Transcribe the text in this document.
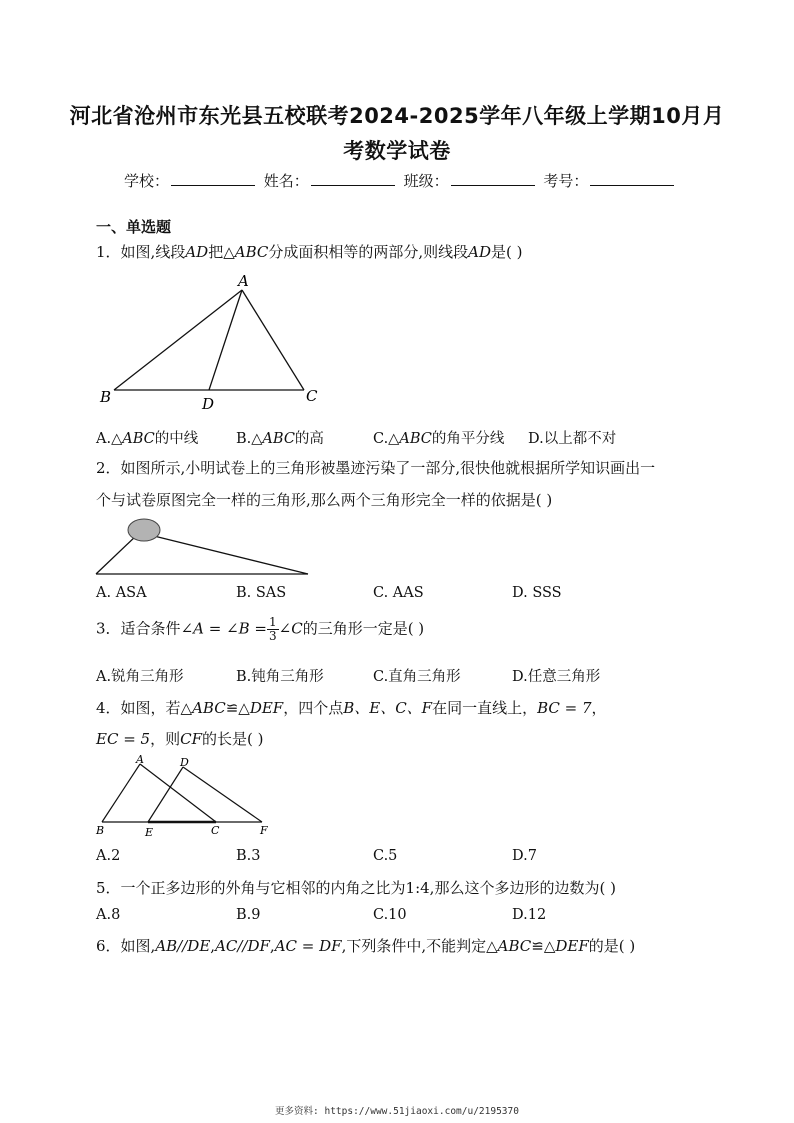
河北省沧州市东光县五校联考2024-2025学年八年级上学期10月月
考数学试卷
学校：	姓名：	班级：	考号：
一、单选题
1．如图,线段AD把△ABC分成面积相等的两部分,则线段AD是( )
A
B	C
D
A.△ABC的中线	B.△ABC的高	C.△ABC的角平分线 D.以上都不对
2．如图所示,小明试卷上的三角形被墨迹污染了一部分,很快他就根据所学知识画出一
个与试卷原图完全一样的三角形,那么两个三角形完全一样的依据是( )
A. ASA	B. SAS	C. AAS	D. SSS
3．适合条件∠A = ∠B = $\frac{1}{3}$ ∠C的三角形一定是( )
A.锐角三角形	B.钝角三角形	C.直角三角形	D.任意三角形
4．如图，若△ABC≌△DEF，四个点B、E、C、F在同一直线上，BC = 7，
EC = 5，则CF的长是( )
A	D
B	E	C	F
A.2	B.3	C.5	D.7
5．一个正多边形的外角与它相邻的内角之比为1:4,那么这个多边形的边数为( )
A.8	B.9	C.10	D.12
6．如图,AB//DE,AC//DF,AC = DF,下列条件中,不能判定△ABC≌△DEF的是( )
更多资料: https://www.51jiaoxi.com/u/2195370
